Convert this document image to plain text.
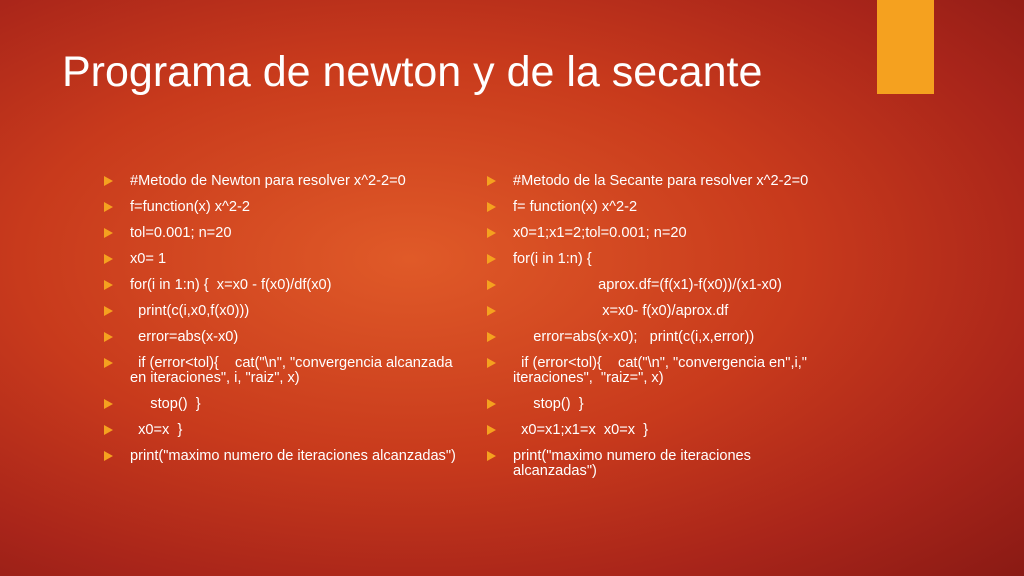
Programa de newton y de la secante
#Metodo de Newton para resolver x^2-2=0
f=function(x) x^2-2
tol=0.001; n=20
x0= 1
for(i in 1:n) {  x=x0 - f(x0)/df(x0)
print(c(i,x0,f(x0)))
error=abs(x-x0)
if (error<tol){    cat("\n", "convergencia alcanzada en iteraciones", i, "raiz", x)
stop()  }
x0=x  }
print("maximo numero de iteraciones alcanzadas")
#Metodo de la Secante para resolver x^2-2=0
f= function(x) x^2-2
x0=1;x1=2;tol=0.001; n=20
for(i in 1:n) {
aprox.df=(f(x1)-f(x0))/(x1-x0)
x=x0- f(x0)/aprox.df
error=abs(x-x0);   print(c(i,x,error))
if (error<tol){    cat("\n", "convergencia en",i," iteraciones",  "raiz=", x)
stop()  }
x0=x1;x1=x  x0=x  }
print("maximo numero de iteraciones alcanzadas")
